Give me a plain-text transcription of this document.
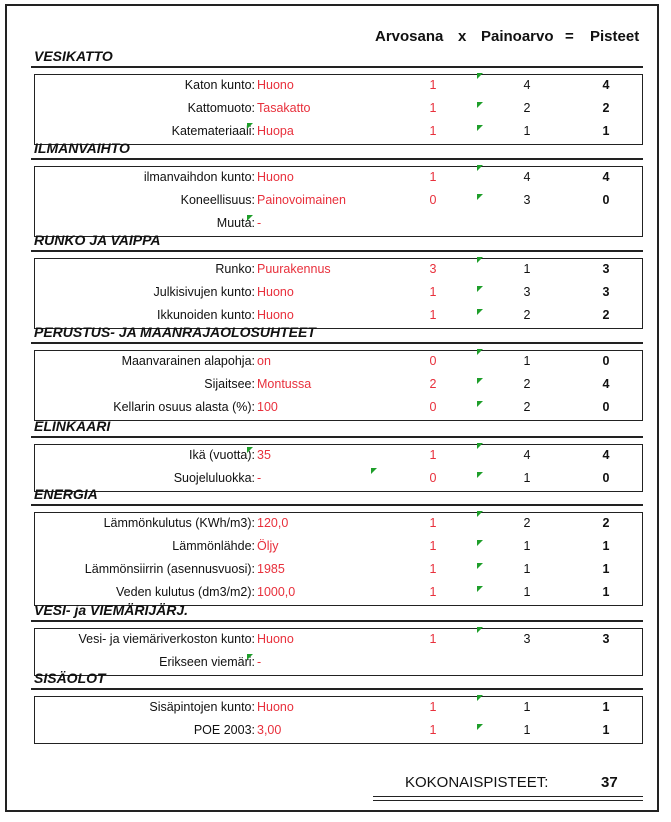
Arvosana x Painoarvo = Pisteet
VESIKATTO
Katon kunto: Huono	1	4	4
Kattomuoto: Tasakatto	1	2	2
Katemateriaali: Huopa	1	1	1
ILMANVAIHTO
ilmanvaihdon kunto: Huono	1	4	4
Koneellisuus: Painovoimainen	0	3	0
Muuta: -
RUNKO JA VAIPPA
Runko: Puurakennus	3	1	3
Julkisivujen kunto: Huono	1	3	3
Ikkunoiden kunto: Huono	1	2	2
PERUSTUS- JA MAANRAJAOLOSUHTEET
Maanvarainen alapohja: on	0	1	0
Sijaitsee: Montussa	2	2	4
Kellarin osuus alasta (%): 100	0	2	0
ELINKAARI
Ikä (vuotta): 35	1	4	4
Suojeluluokka: -	0	1	0
ENERGIA
Lämmönkulutus (KWh/m3): 120,0	1	2	2
Lämmönlähde: Öljy	1	1	1
Lämmönsiirrin (asennusvuosi): 1985	1	1	1
Veden kulutus (dm3/m2): 1000,0	1	1	1
VESI- ja VIEMÄRIJÄRJ.
Vesi- ja viemäriverkoston kunto: Huono	1	3	3
Erikseen viemäri: -
SISÄOLOT
Sisäpintojen kunto: Huono	1	1	1
POE 2003: 3,00	1	1	1
KOKONAISPISTEET:	37
